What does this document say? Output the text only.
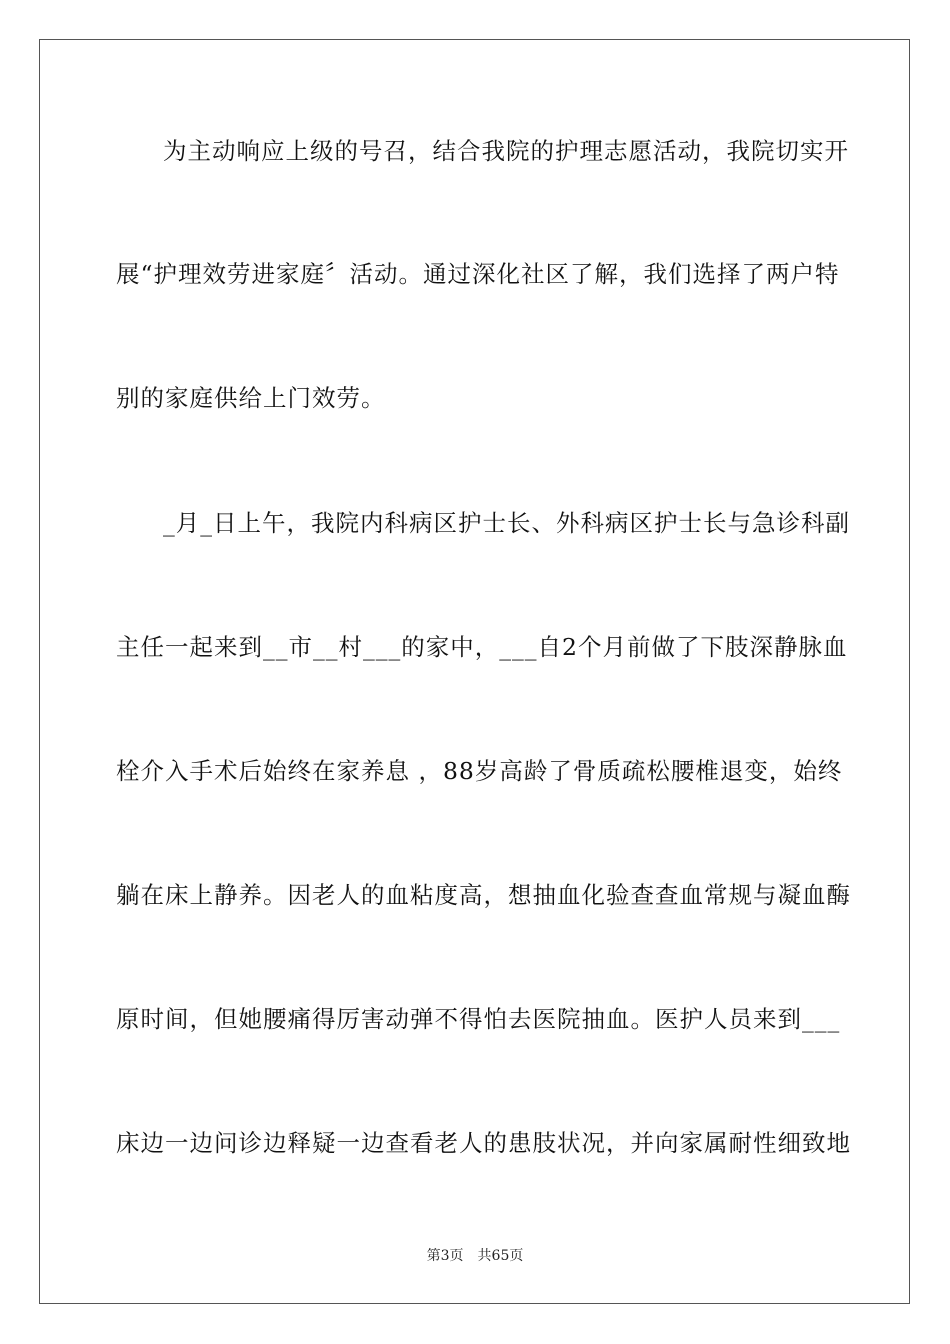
为主动响应上级的号召，结合我院的护理志愿活动，我院切实开
展“护理效劳进家庭〞活动。通过深化社区了解，我们选择了两户特
别的家庭供给上门效劳。
_月_日上午，我院内科病区护士长、外科病区护士长与急诊科副
主任一起来到__市__村___的家中，___自2个月前做了下肢深静脉血
栓介入手术后始终在家养息 ，88岁高龄了骨质疏松腰椎退变，始终
躺在床上静养。因老人的血粘度高，想抽血化验查查血常规与凝血酶
原时间，但她腰痛得厉害动弹不得怕去医院抽血。医护人员来到___
床边一边问诊边释疑一边查看老人的患肢状况，并向家属耐性细致地
第3页 共65页
